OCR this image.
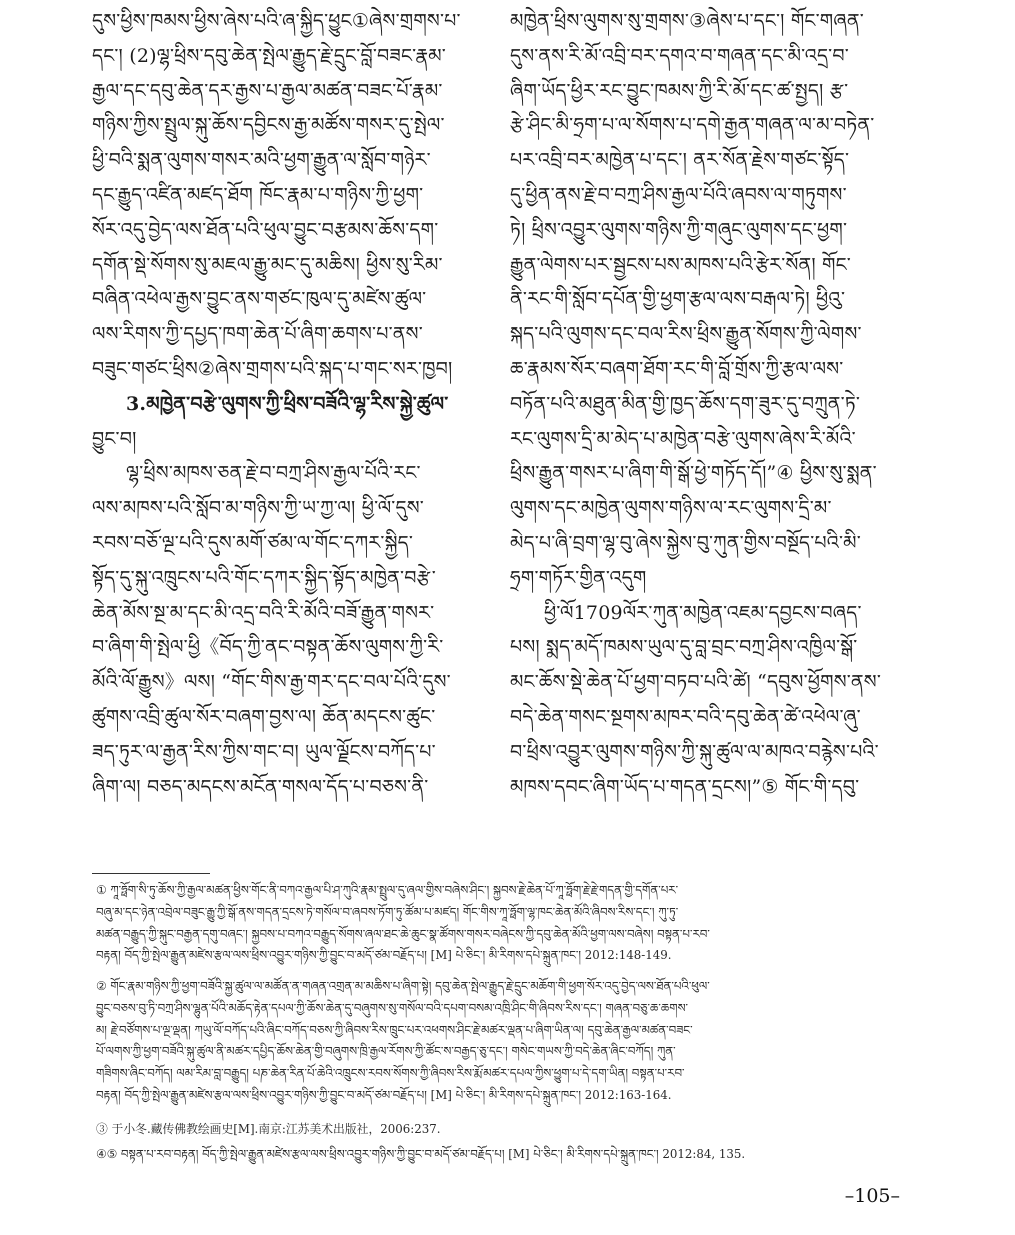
དུས་ཕྱིས་ཁམས་ཕྱིས་ཞེས་པའི་ཞ་སྐྱིད་ཕྱུང①ཞེས་གྲགས་པ་
དང་། (2)ལྷ་ཕྲིས་དབུ་ཆེན་སྤེལ་རྒྱུད་རྗེ་དྲུང་བློ་བཟང་རྣམ་
རྒྱལ་དང་དབུ་ཆེན་དར་རྒྱས་པ་རྒྱལ་མཚན་བཟང་པོ་རྣམ་
གཉིས་ཀྱིས་སྤྲུལ་སྐུ་ཆོས་དབྱིངས་རྒྱ་མཚོས་གསར་དུ་སྤེལ་
ཕྱི་བའི་སྨན་ལུགས་གསར་མའི་ཕྱག་རྒྱུན་ལ་སློབ་གཉེར་
དང་རྒྱུད་འཛིན་མཛད་ཐོག ཁོང་རྣམ་པ་གཉིས་ཀྱི་ཕྱག་
སོར་འདུ་བྱེད་ལས་ཐོན་པའི་ཕུལ་བྱུང་བརྩམས་ཆོས་དག་
དགོན་སྡེ་སོགས་སུ་མཇལ་རྒྱུ་མང་དུ་མཆིས། ཕྱིས་སུ་རིམ་
བཞིན་འཕེལ་རྒྱས་བྱུང་ནས་གཙང་ཁུལ་དུ་མཛེས་ཚུལ་
ལས་རིགས་ཀྱི་དཔྱད་ཁག་ཆེན་པོ་ཞིག་ཆགས་པ་ནས་
བཟུང་གཙང་ཕྲིས②ཞེས་གྲགས་པའི་སྐད་པ་གང་སར་ཁྱབ།
3.མཁྱེན་བརྩེ་ལུགས་ཀྱི་ཕྲིས་བཟོའི་ལྷ་རིས་སྐྱེ་ཚུལ་
བྱུང་བ།
ལྷ་ཕྲིས་མཁས་ཅན་རྗེ་བ་བཀྲ་ཤིས་རྒྱལ་པོའི་རང་
ལས་མཁས་པའི་སློབ་མ་གཉིས་ཀྱི་ཡ་ཀྱ་ལ། ཕྱི་ལོ་དུས་
རབས་བཅོ་ལྔ་པའི་དུས་མགོ་ཙམ་ལ་གོང་དཀར་སྐྱིད་
སྟོད་དུ་སྐུ་འཁྲུངས་པའི་གོང་དཀར་སྐྱིད་སྟོད་མཁྱེན་བརྩེ་
ཆེན་མོས་སྔ་མ་དང་མི་འདྲ་བའི་རི་མོའི་བཟོ་རྒྱུན་གསར་
བ་ཞིག་གི་སྤེལ་ཕྱི《བོད་ཀྱི་ནང་བསྟན་ཆོས་ལུགས་ཀྱི་རི་
མོའི་ལོ་རྒྱུས》ལས། “གོང་གིས་རྒྱ་གར་དང་བལ་པོའི་དུས་
ཚུགས་འབྲི་ཚུལ་སོར་བཞག་བྱས་ལ། ཆོན་མདངས་ཚུང་
ཟད་ཏུར་ལ་རྒྱན་རིས་ཀྱིས་གང་བ། ཡུལ་ལྗོངས་བཀོད་པ་
ཞིག་ལ། བཅད་མདངས་མངོན་གསལ་དོད་པ་བཅས་ནི་
མཁྱེན་ཕྲིས་ལུགས་སུ་གྲགས་③ཞེས་པ་དང་། གོང་གཞན་
དུས་ནས་རི་མོ་འབྲི་བར་དགའ་བ་གཞན་དང་མི་འདྲ་བ་
ཞིག་ཡོད་ཕྱིར་རང་བྱུང་ཁམས་ཀྱི་རི་མོ་དང་ཚ་སྤྱད། རྩ་
རྩེ་ཤིང་མི་ཧྲག་པ་ལ་སོགས་པ་དགེ་རྒྱན་གཞན་ལ་མ་བཏེན་
པར་འབྲི་བར་མཁྱེན་པ་དང་། ནར་སོན་རྗེས་གཙང་སྟོད་
དུ་ཕྱིན་ནས་རྗེ་བ་བཀྲ་ཤིས་རྒྱལ་པོའི་ཞབས་ལ་གཏུགས་
ཏེ། ཕྲིས་འབྱུར་ལུགས་གཉིས་ཀྱི་གཞུང་ལུགས་དང་ཕྱག་
རྒྱུན་ལེགས་པར་སྦྱངས་པས་མཁས་པའི་རྩེར་སོན། གོང་
ནི་རང་གི་སློབ་དཔོན་གྱི་ཕྱག་རྩལ་ལས་བརྒལ་ཏེ། ཕྱིའུ་
སྐད་པའི་ལུགས་དང་བལ་རིས་ཕྲིས་རྒྱུན་སོགས་ཀྱི་ལེགས་
ཆ་རྣམས་སོར་བཞག་ཐོག་རང་གི་བློ་གྲོས་ཀྱི་རྩལ་ལས་
བཏོན་པའི་མཐུན་མིན་གྱི་ཁྱད་ཆོས་དག་ཟུར་དུ་བཀྲུན་ཏེ་
རང་ལུགས་དྲི་མ་མེད་པ་མཁྱེན་བརྩེ་ལུགས་ཞེས་རི་མོའི་
ཕྲིས་རྒྱུན་གསར་པ་ཞིག་གི་སྒོ་ཕྱེ་གཏོད་དོ།”④ ཕྱིས་སུ་སྨན་
ལུགས་དང་མཁྱེན་ལུགས་གཉིས་ལ་རང་ལུགས་དྲི་མ་
མེད་པ་ཞི་བྲག་ལྷ་བུ་ཞེས་སྐྱེས་བུ་ཀུན་གྱིས་བསྔོད་པའི་མི་
ཧྲག་གཏོར་གྱིན་འདུག
ཕྱི་ལོ1709ལོར་ཀུན་མཁྱེན་འཇམ་དབྱངས་བཞད་
པས། སྨད་མདོ་ཁམས་ཡུལ་དུ་བླ་བྲང་བཀྲ་ཤིས་འཁྱིལ་སྒོ་
མང་ཆོས་སྡེ་ཆེན་པོ་ཕྱག་བཏབ་པའི་ཚེ། “དབུས་ཕྱོགས་ནས་
བདེ་ཆེན་གསང་སྔགས་མཁར་བའི་དབུ་ཆེན་ཚེ་འཕེལ་ཞུ་
བ་ཕྲིས་འབྱུར་ལུགས་གཉིས་ཀྱི་སྐུ་ཚུལ་ལ་མཁའ་བརྙེས་པའི་
མཁས་དབང་ཞིག་ཡོད་པ་གདན་དྲངས།”⑤ གོང་གི་དབུ་
① ཀཱ་ཧྥོག་སི་ཏུ་ཆོས་ཀྱི་རྒྱལ་མཚན་ཕྱིས་གོང་ནི་བཀའ་རྒྱལ་པི་ཤ་ཀུའི་རྣམ་སྤྲུལ་དུ་ཞལ་གྱིས་བཞེས་ཤིང་། སྐྱབས་རྗེ་ཆེན་པོ་ཀཱ་ཧྥོག་རྗེ་རྗེ་གདན་གྱི་དགོན་པར་
བཞུ་མ་དང་ཉེན་འབྲེལ་བཟུང་རྒྱུ་ཀྱི་སྒོ་ནས་གདན་དྲངས་ཏེ་གསོལ་བ་ཞབས་ཏོག་ཏུ་ཚོམ་པ་མཛད། གོང་གིས་ཀཱ་ཧྥོག་ལྷ་ཁང་ཆེན་མོའི་ཞིབས་རིས་དང་། ཀུ་ཏུ་
མཚན་བརྒྱུད་ཀྱི་སྐུང་བརྒྱན་དགུ་བཞང་། སྐྱབས་པ་བཀའ་བརྒྱུད་སོགས་ཞལ་ཐང་ཆེ་ཆུང་སྣ་ཚོགས་གསར་བཞེངས་ཀྱི་དབུ་ཆེན་མོའི་ཕྱག་ལས་བཞེས། བསྟན་པ་རབ་
བརྟན། བོད་ཀྱི་སྤེལ་རྒྱུན་མཛེས་རྩལ་ལས་ཕྲིས་འབྱུར་གཉིས་ཀྱི་བྱུང་བ་མདོ་ཙམ་བརྗོད་པ། [M] པེ་ཅིང་། མི་རིགས་དཔེ་སྐྲུན་ཁང་། 2012:148-149.
② གོང་རྣམ་གཉིས་ཀྱི་ཕྱག་བཟོའི་སྐྱ་ཚུལ་ལ་མཚོན་ན་གཞན་འགྲན་མ་མཆིས་པ་ཞིག་སྟེ། དབུ་ཆེན་སྤེལ་རྒྱུད་རྗེ་དྲུང་མཆོག་གི་ཕྱག་སོར་འདུ་བྱེད་ལས་ཐོན་པའི་ཕུལ་
བྱུང་བཅས་བུ་ཏི་བཀྲ་ཤིས་ལྷུན་པོའི་མཆོད་རྟེན་དཔལ་ཀྱི་ཆོས་ཆེན་དུ་བཞུགས་སུ་གསོལ་བའི་དཔག་བསམ་འཁྲི་ཤིང་གི་ཞིབས་རིས་དང་། གཞན་བཅུ་ཆ་ཆགས་
མ། རྗེ་བཙོགས་པ་ལྔ་ལྡན། ཀཡུ་ལོ་བཀོད་པའི་ཞིང་བཀོད་བཅས་ཀྱི་ཞིབས་རིས་ཁྲུང་པར་འཕགས་ཤིང་རྗེ་མཚར་ལྡན་པ་ཞིག་ཡིན་ལ། དབུ་ཆེན་རྒྱལ་མཚན་བཟང་
པོ་ལགས་ཀྱི་ཕྱག་བཟོའི་སྐུ་ཚུལ་ནི་མཚར་དཔྱིད་ཆོས་ཆེན་གྱི་བཞུགས་ཁྲི་རྒྱལ་རོགས་ཀྱི་ཚོང་ས་བརྒྱད་ཅུ་དང་། གསེང་གཡས་ཀྱི་བདེ་ཆེན་ཞིང་བཀོད། ཀུན་
གཟིགས་ཞིང་བཀོད། ལམ་རིམ་བླ་བརྒྱུད། པཎ་ཆེན་རིན་པོ་ཆེའི་འཁྲུངས་རབས་སོགས་ཀྱི་ཞིབས་རིས་རྨོ་མཚར་དཔལ་ཀྱིས་ཕྱུག་པ་དེ་དག་ཡིན། བསྟན་པ་རབ་
བརྟན། བོད་ཀྱི་སྤེལ་རྒྱུན་མཛེས་རྩལ་ལས་ཕྲིས་འབྱུར་གཉིས་ཀྱི་བྱུང་བ་མདོ་ཙམ་བརྗོད་པ། [M] པེ་ཅིང་། མི་རིགས་དཔེ་སྐྲུན་ཁང་། 2012:163-164.
③ 于小冬.藏传佛教绘画史[M].南京:江苏美术出版社，2006:237.
④⑤ བསྟན་པ་རབ་བརྟན། བོད་ཀྱི་སྤེལ་རྒྱུན་མཛེས་རྩལ་ལས་ཕྲིས་འབྱུར་གཉིས་ཀྱི་བྱུང་བ་མདོ་ཙམ་བརྗོད་པ། [M] པེ་ཅིང་། མི་རིགས་དཔེ་སྐྲུན་ཁང་། 2012:84, 135.
–105–
